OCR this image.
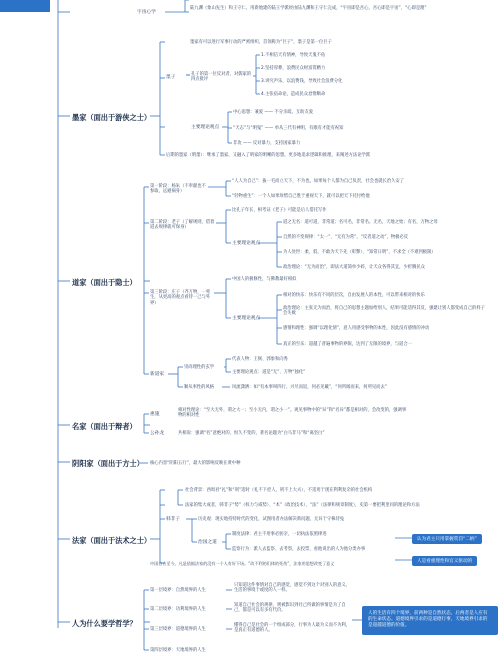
宇宙心学
陆九渊（象山先生）和王守仁，用新他建的陆王学派经由陆九渊和王守仁完成，“宇宙即是吾心，吾心即是宇宙”、“心即是理”
墨家（面出于游侠之士）
墨家有可以进行军事行动的严密组织，首领称为“巨子”，墨子是第一位巨子
墨子
孔子的第一位反对者，对儒家的四点批评
1.不相信天有情神，导致天鬼不佑
2.坚持厚葬，浪费民众财富资精力
3.讲究声乐，以浪费钱，导致社会浪费分化
4.主张宿命论，造成民众怠惰顺命
主要理论观点
中心思想：兼爱 —— 不分亲疏，互助友爱
“天志”与“明鬼” —— 单从三代有神明，有歌有才能有祝知
非攻 —— 反对暴力，支持国家暴力
后期的墨家（明墨）：继承了墨家，又融入了明家的明晰的思想。更多地追求逻辑和推理，来阐述方法论学派
道家（面出于隐士）
第一阶段：杨朱（不奉献也不参取，远避祸身）
“人人为自己”：拔一毛而立天下，不为也。如果每个人都为自己负责，社会也就长治久安了
“轻物重生”：一个人如果珍惜自己胜于重视天下，就可以把天下托付给他
第二阶段：老子（了解规则，借着道去规律就可保身）
比孔子年长，相考证《老子》可能是后人借托写作
主要理论观点
道之无名：道可道，非常道；名可名，非常名。无名，天地之始；有名，万物之母
自然的不变规律：“太一”、“无有为常”，“反者道之动”，物极必反
为人处世：柔、低、不敢为天下先（彰弊）、“知常日明”，不求全（不难到极限）
政治理论：“无为而治”，即法大道简单少碎，让天众各得其宜，少折腾民众
第三阶段：庄子（齐万物，一死生，从更高的观点看待一己与外界）
中国人的极修性，与佛教最好相似
主要理论观点
相对的快乐：快乐有不同的层次，自由发展人的本性，可以带来相对的快乐
政治理论：主张无为而治，将自己的思想主题加给别人，结果可能适得其反，强建让别人都变成自己的样子会失败
感情和理性：强调“以理化情”，意人用感受事物的本性，因此没有感情的冲动
真正的至乐：超越了普遍事物的界限，达到了无限的境界，与道合一
新道家
崇尚理性的玄学
代表人物：王弼、郭象和向秀
主要理论观点：道是“无”、万物“独化”
顺从率性的风格	风流潇洒：如“有本事叫四行，兴尽而返，何必见戴”，“何所闻而来，何所见而去”
名家（面出于辩者）
惠施
相对性理论：“至大无外，谓之大一；至小无内，谓之小一”。观见事物中的“异”和“名异”都是相对的，会改变的，强调事物的相对性
公孙龙	共相说：强调“名”意绝对的，恒久不变的，著名论题为“白马非马”和“离坚白”
阴阳家（面出于方士） 核心内容“阴阳五行”，最大的影响反映在黄中种
法家（面出于法术之士）
社会背景：西周君“礼”和“刑”适时（礼不下庶人，刑不上大夫），不适用于现在利利复杂的社会机构
法家的集大成者，韩非子“势”（权力与威势）、“术”（政治技术）、“法”（法律和规章制度），史第一要把利里同的理论和方法
韩非子	历史观：现实地持特时代的变化，试图用者办法解决新问题，无异于守株待兔
治国之道
制度法律：君主不用事必躬亲，一切执法依照律进
监察行为：派人去监察、去考察，去投票，看他说出的人为他分类办事
中国自古至今，凡是依据法家的没有一个人有好下场。“改不利的们体的死伤”，法家用思想改变了意义
认为君主只用掌握赏罚“二柄”
人是看重理性和官义驱动的
人为什么要学哲学？
第一层境界：自然境界的人生
只知道这件事情对自己的感觉，感觉不到这个对别人的意义，生活的事境于或度的人一样。
第二层境界：功利境界的人生
知道自己社会的规律，则被影识到社己所做的事情是为了自己，都是可以有多有代价。
第三层境界：道德境界的人生
懂得自己是社会的一个组成部分，行事为人最为义而不为利，是真正有道德的人。
第四层境界：天地境界的人生
人的生活有四个境界，前两种是自然状态，后两者是人应有的生命状态。道德境界引求的是道德行事，天地境界引求的是超越道德的价值。
